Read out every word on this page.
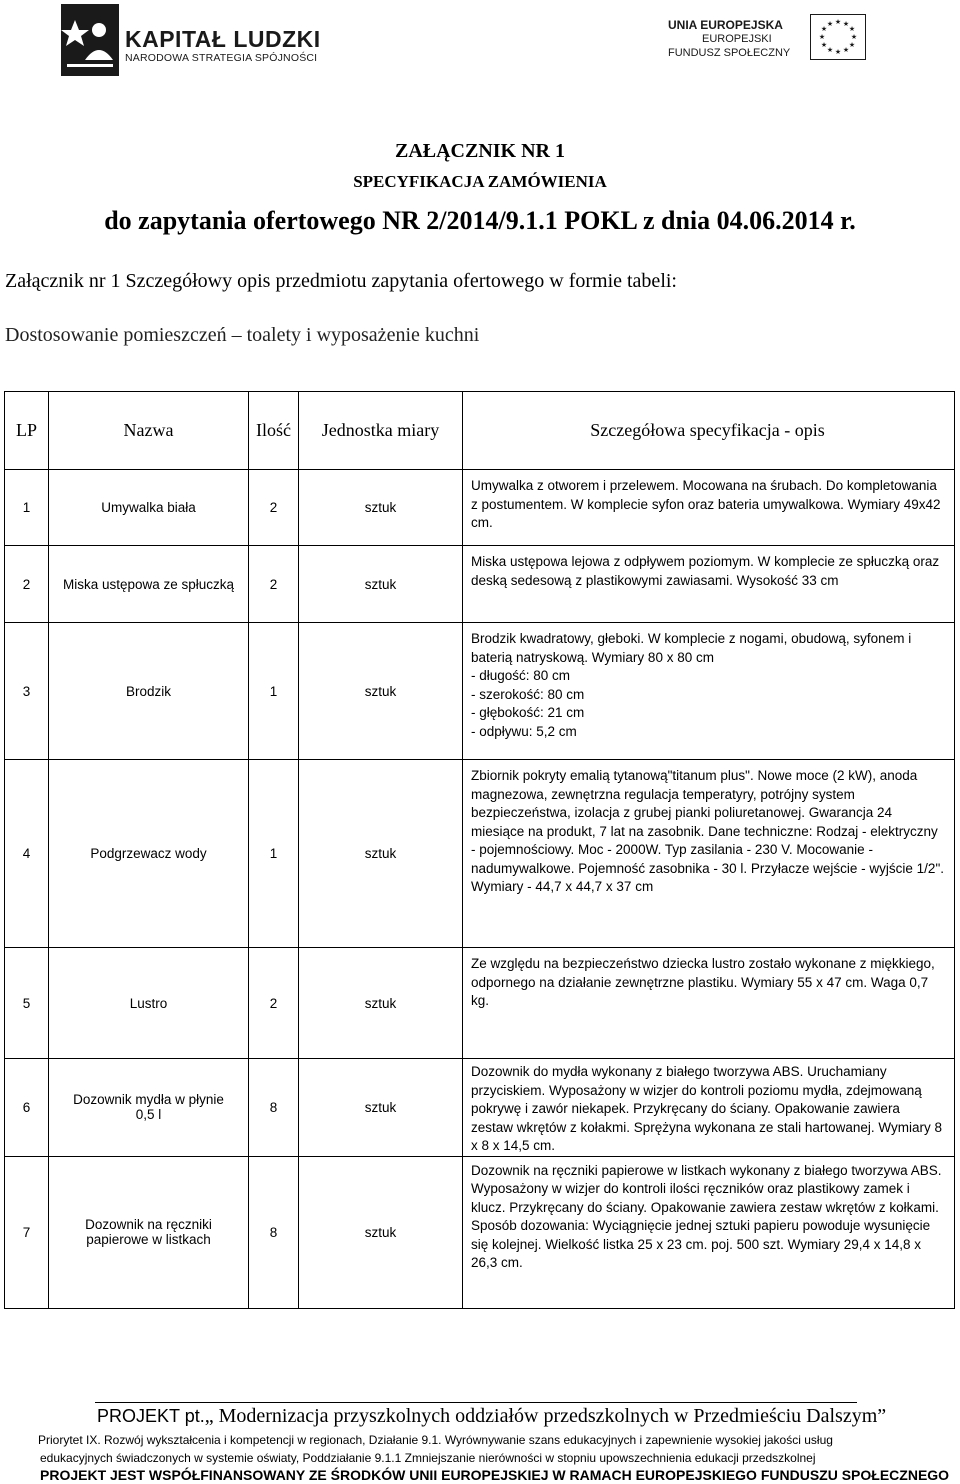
KAPITAŁ LUDZKI
NARODOWA STRATEGIA SPÓJNOŚCI
UNIA EUROPEJSKA
EUROPEJSKI
FUNDUSZ SPOŁECZNY
★ ★
★
★
★
★
★
★
★
★
★
★
ZAŁĄCZNIK NR 1
SPECYFIKACJA ZAMÓWIENIA
do zapytania ofertowego NR 2/2014/9.1.1 POKL z dnia 04.06.2014 r.
Załącznik nr 1 Szczegółowy opis przedmiotu zapytania ofertowego w formie tabeli:
Dostosowanie pomieszczeń – toalety i wyposażenie kuchni
LP	Nazwa	Ilość	Jednostka miary	Szczegółowa specyfikacja - opis
1	Umywalka biała	2	sztuk	Umywalka z otworem i przelewem. Mocowana na śrubach. Do kompletowania z postumentem. W komplecie syfon oraz bateria umywalkowa. Wymiary 49x42 cm.

2	Miska ustępowa ze spłuczką	2	sztuk	Miska ustępowa lejowa z odpływem poziomym. W komplecie ze spłuczką oraz deską sedesową z plastikowymi zawiasami. Wysokość 33 cm

3	Brodzik	1	sztuk	Brodzik kwadratowy, głeboki. W komplecie z nogami, obudową, syfonem i baterią natryskową. Wymiary 80 x 80 cm
- długość: 80 cm
- szerokość: 80 cm
- głębokość: 21 cm
- odpływu: 5,2 cm

4	Podgrzewacz wody	1	sztuk	Zbiornik pokryty emalią tytanową"titanum plus". Nowe moce (2 kW), anoda magnezowa, zewnętrzna regulacja temperatyry, potrójny system bezpieczeństwa, izolacja z grubej pianki poliuretanowej. Gwarancja 24 miesiące na produkt, 7 lat na zasobnik. Dane techniczne: Rodzaj - elektryczny - pojemnościowy. Moc - 2000W. Typ zasilania - 230 V. Mocowanie - nadumywalkowe. Pojemność zasobnika - 30 l. Przyłacze wejście - wyjście 1/2". Wymiary - 44,7 x 44,7 x 37 cm

5	Lustro	2	sztuk	Ze względu na bezpieczeństwo dziecka lustro zostało wykonane z miękkiego, odpornego na działanie zewnętrzne plastiku. Wymiary 55 x 47 cm. Waga 0,7 kg.

6	Dozownik mydła w płynie 0,5 l	8	sztuk	Dozownik do mydła wykonany z białego tworzywa ABS. Uruchamiany przyciskiem. Wyposażony w wizjer do kontroli poziomu mydła, zdejmowaną pokrywę i zawór niekapek. Przykręcany do ściany. Opakowanie zawiera zestaw wkrętów z kołakmi. Sprężyna wykonana ze stali hartowanej. Wymiary 8 x 8 x 14,5 cm.

7	Dozownik na ręczniki papierowe w listkach	8	sztuk	Dozownik na ręczniki papierowe w listkach wykonany z białego tworzywa ABS. Wyposażony w wizjer do kontroli ilości ręczników oraz plastikowy zamek i klucz. Przykręcany do ściany. Opakowanie zawiera zestaw wkrętów z kołkami. Sposób dozowania: Wyciągnięcie jednej sztuki papieru powoduje wysunięcie się kolejnej. Wielkość listka 25 x 23 cm. poj. 500 szt. Wymiary 29,4 x 14,8 x 26,3 cm.
PROJEKT pt.„ Modernizacja przyszkolnych oddziałów przedszkolnych w Przedmieściu Dalszym”
Priorytet IX. Rozwój wykształcenia i kompetencji w regionach, Działanie 9.1. Wyrównywanie szans edukacyjnych i zapewnienie wysokiej jakości usług
edukacyjnych świadczonych w systemie oświaty, Poddziałanie 9.1.1 Zmniejszanie nierówności w stopniu upowszechnienia edukacji przedszkolnej
PROJEKT JEST WSPÓŁFINANSOWANY ZE ŚRODKÓW UNII EUROPEJSKIEJ W RAMACH EUROPEJSKIEGO FUNDUSZU SPOŁECZNEGO
